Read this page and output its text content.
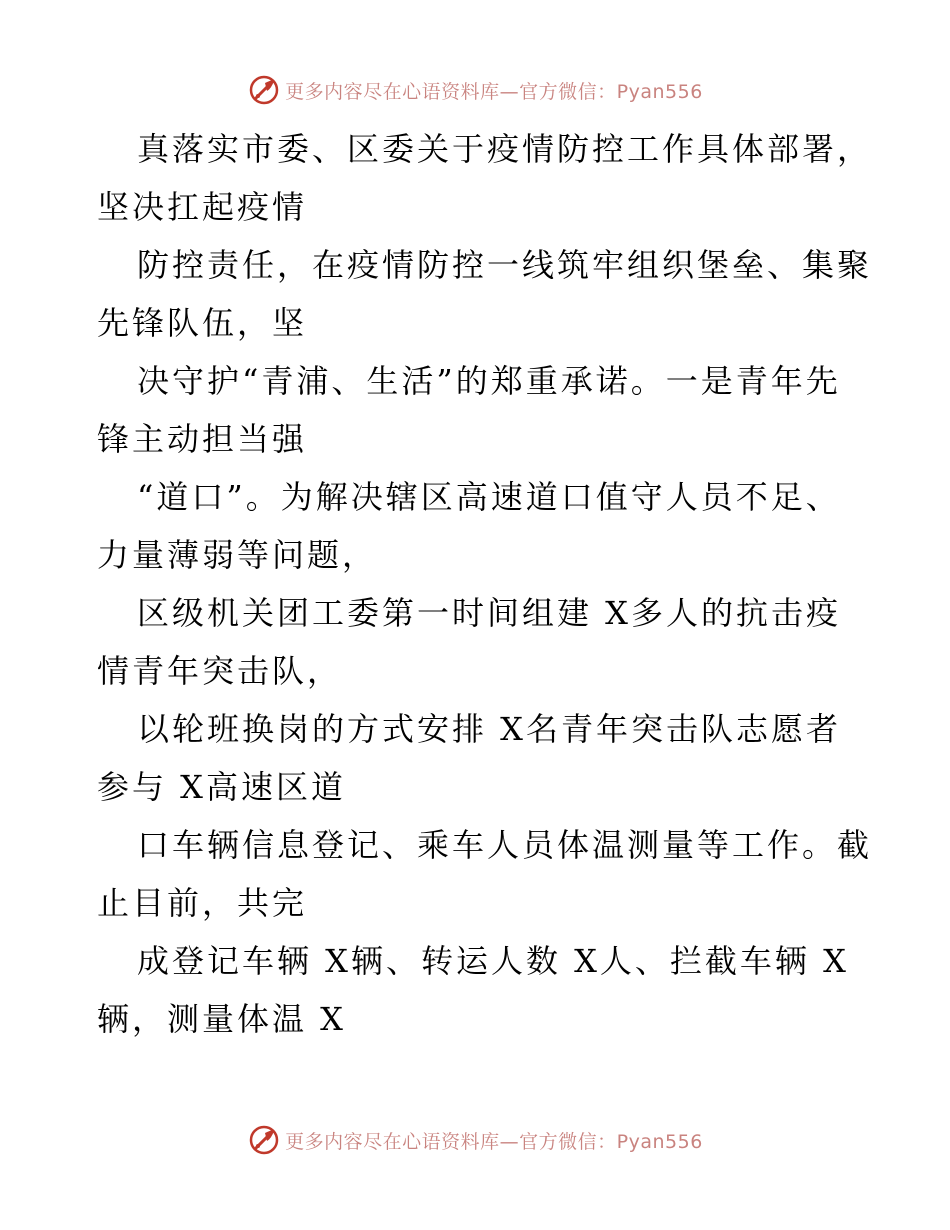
更多内容尽在心语资料库—官方微信：Pyan556

真落实市委、区委关于疫情防控工作具体部署，
坚决扛起疫情

防控责任，在疫情防控一线筑牢组织堡垒、集聚
先锋队伍，坚

决守护“青浦、生活”的郑重承诺。一是青年先
锋主动担当强

“道口”。为解决辖区高速道口值守人员不足、
力量薄弱等问题，

区级机关团工委第一时间组建 X多人的抗击疫
情青年突击队，

以轮班换岗的方式安排 X名青年突击队志愿者
参与 X高速区道

口车辆信息登记、乘车人员体温测量等工作。截
止目前，共完

成登记车辆 X辆、转运人数 X人、拦截车辆 X
辆，测量体温 X

更多内容尽在心语资料库—官方微信：Pyan556
